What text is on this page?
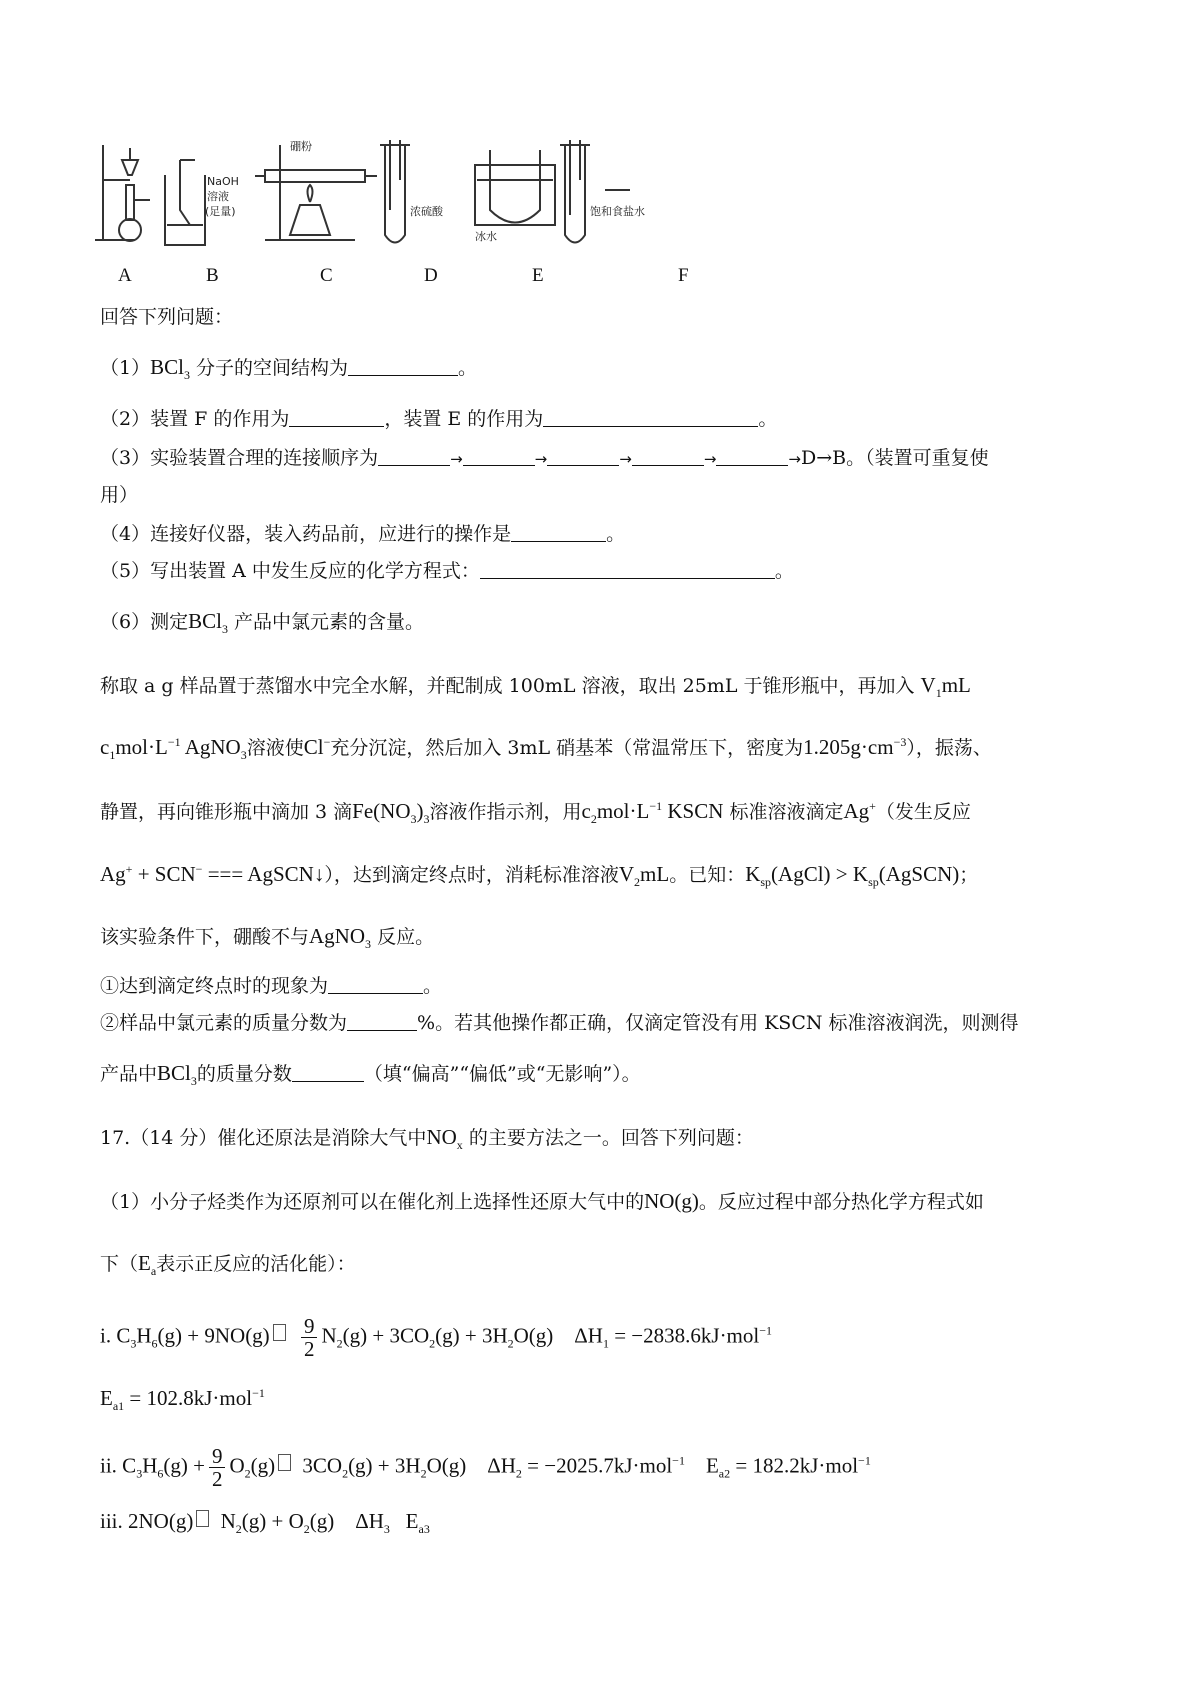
NaOH
溶液
(足量)
硼粉
浓硫酸
冰水
饱和食盐水
A	B	C	D	E	F
回答下列问题：
（1）BCl$_3$ 分子的空间结构为	。
（2）装置 F 的作用为	，装置 E 的作用为	。
（3）实验装置合理的连接顺序为	→	→	→	→	→D→B。（装置可重复使
用）
（4）连接好仪器，装入药品前，应进行的操作是	。
（5）写出装置 A 中发生反应的化学方程式：	。
（6）测定BCl$_3$ 产品中氯元素的含量。
称取 a g 样品置于蒸馏水中完全水解，并配制成 100mL 溶液，取出 25mL 于锥形瓶中，再加入 $V_1mL$
$c_1mol\cdot L^{-1}$ AgNO$_3$溶液使Cl−充分沉淀，然后加入 3mL 硝基苯（常温常压下，密度为$1.205g\cdot cm^{-3}$），振荡、
静置，再向锥形瓶中滴加 3 滴$Fe(NO_3)_3$溶液作指示剂，用$c_2mol\cdot L^{-1}$ KSCN 标准溶液滴定Ag+（发生反应
Ag+ + SCN− === AgSCN↓），达到滴定终点时，消耗标准溶液$V_2mL$。已知：$K_{sp}(AgCl)$ > $K_{sp}(AgSCN)$；
该实验条件下，硼酸不与AgNO$_3$ 反应。
①达到滴定终点时的现象为	。
②样品中氯元素的质量分数为	%。若其他操作都正确，仅滴定管没有用 KSCN 标准溶液润洗，则测得
产品中BCl$_3$的质量分数	（填“偏高”“偏低”或“无影响”）。
17.（14 分）催化还原法是消除大气中$NO_x$ 的主要方法之一。回答下列问题：
（1）小分子烃类作为还原剂可以在催化剂上选择性还原大气中的NO(g)。反应过程中部分热化学方程式如
下（$E_a$表示正反应的活化能）：
i. $C_3H_6(g) + 9NO(g) \frac{9}{2} N_2(g) + 3CO_2(g) + 3H_2O(g)$    $\Delta H_1 = -2838.6kJ\cdot mol^{-1}$
$E_{a1} = 102.8kJ\cdot mol^{-1}$
ii. $C_3H_6(g) + \frac{9}{2} O_2(g) 3CO_2(g) + 3H_2O(g)$    $\Delta H_2 = -2025.7kJ\cdot mol^{-1}$    $E_{a2} = 182.2kJ\cdot mol^{-1}$
iii. 2NO(g) $N_2(g) + O_2(g)$    $\Delta H_3$   $E_{a3}$
